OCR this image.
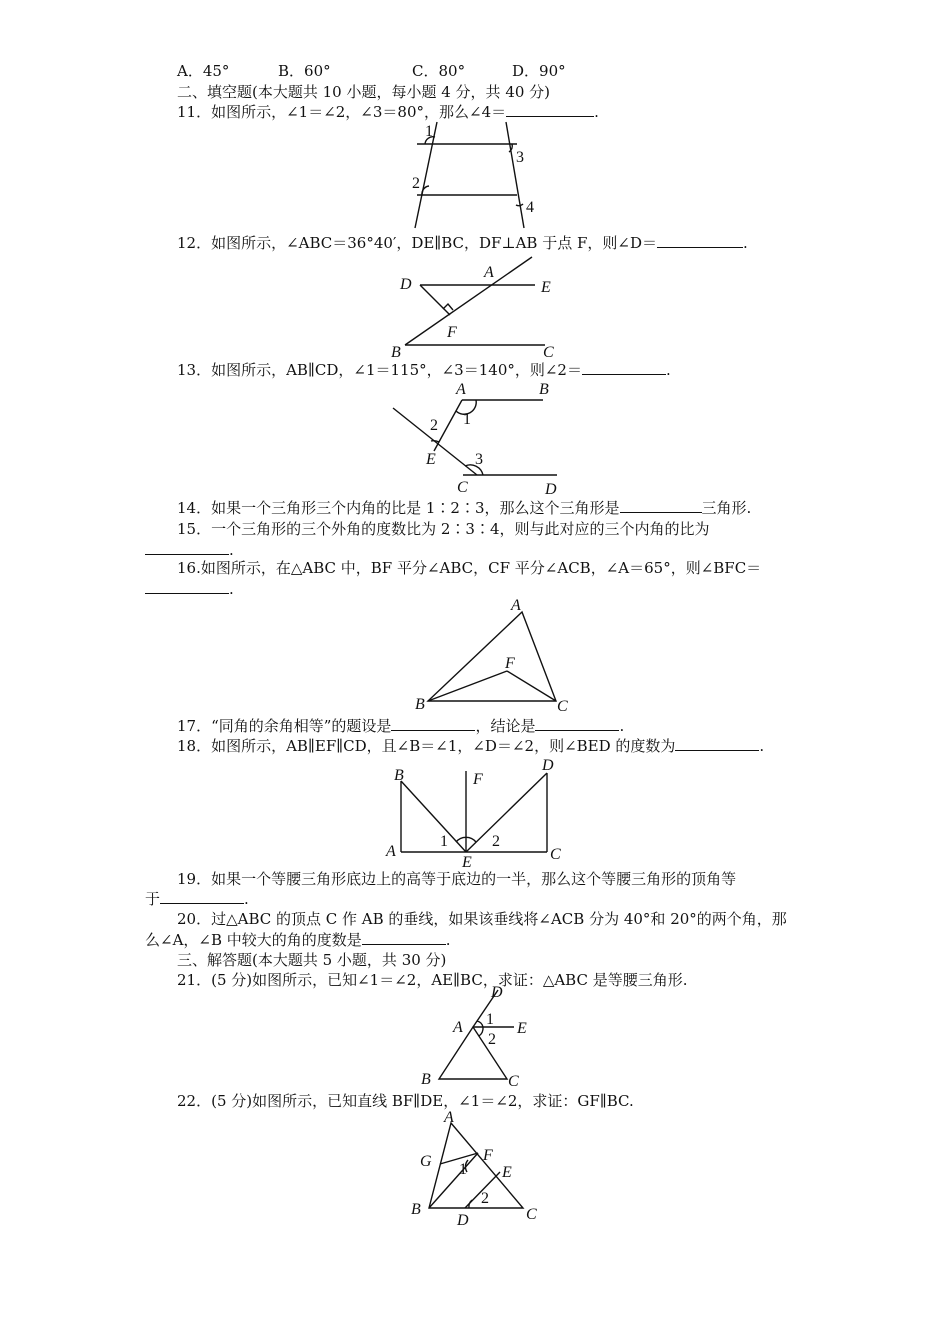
A．45°	B．60°	C．80°	D．90°
二、填空题(本大题共 10 小题，每小题 4 分，共 40 分)
11．如图所示，∠1＝∠2，∠3＝80°，那么∠4＝	.
1
2
3
4
12．如图所示，∠ABC＝36°40′，DE∥BC，DF⊥AB 于点 F，则∠D＝	.
D
A
E
F
B	C
13．如图所示，AB∥CD，∠1＝115°，∠3＝140°，则∠2＝	.
A	B
1
2
E 3
C	D
14．如果一个三角形三个内角的比是 1∶2∶3，那么这个三角形是	三角形.
15．一个三角形的三个外角的度数比为 2∶3∶4，则与此对应的三个内角的比为
.
16.如图所示，在△ABC 中，BF 平分∠ABC，CF 平分∠ACB，∠A＝65°，则∠BFC＝
.
A
F
B	C
17．“同角的余角相等”的题设是	，结论是	.
18．如图所示，AB∥EF∥CD，且∠B＝∠1，∠D＝∠2，则∠BED 的度数为	.
B	F
D
1	2
A
E	C
19．如果一个等腰三角形底边上的高等于底边的一半，那么这个等腰三角形的顶角等
于	.
20．过△ABC 的顶点 C 作 AB 的垂线，如果该垂线将∠ACB 分为 40°和 20°的两个角，那
么∠A，∠B 中较大的角的度数是	.
三、解答题(本大题共 5 小题，共 30 分)
21．(5 分)如图所示，已知∠1＝∠2，AE∥BC，求证：△ABC 是等腰三角形.
D
A 1
2
E
B	C
22．(5 分)如图所示，已知直线 BF∥DE，∠1＝∠2，求证：GF∥BC.
A
G	F
1 E
2
B
D	C
